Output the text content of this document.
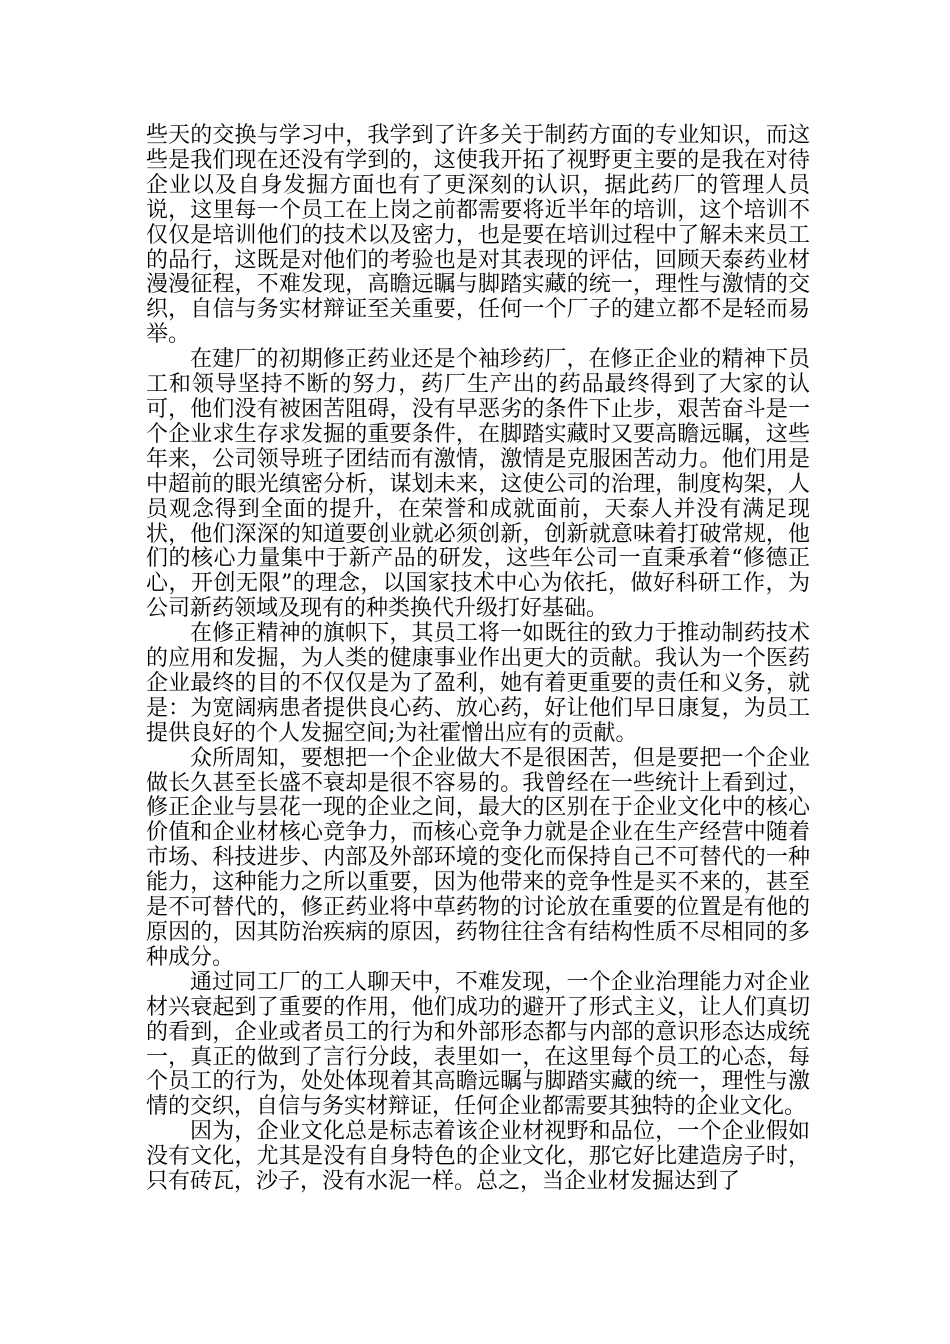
些天的交换与学习中，我学到了许多关于制药方面的专业知识，而这些是我们现在还没有学到的，这使我开拓了视野更主要的是我在对待企业以及自身发掘方面也有了更深刻的认识，据此药厂的管理人员说，这里每一个员工在上岗之前都需要将近半年的培训，这个培训不仅仅是培训他们的技术以及密力，也是要在培训过程中了解未来员工的品行，这既是对他们的考验也是对其表现的评估，回顾天泰药业材漫漫征程，不难发现，高瞻远瞩与脚踏实藏的统一，理性与激情的交织，自信与务实材辩证至关重要，任何一个厂子的建立都不是轻而易举。

在建厂的初期修正药业还是个袖珍药厂，在修正企业的精神下员工和领导坚持不断的努力，药厂生产出的药品最终得到了大家的认可，他们没有被困苦阻碍，没有早恶劣的条件下止步，艰苦奋斗是一个企业求生存求发掘的重要条件，在脚踏实藏时又要高瞻远瞩，这些年来，公司领导班子团结而有激情，激情是克服困苦动力。他们用是中超前的眼光缜密分析，谋划未来，这使公司的治理，制度构架，人员观念得到全面的提升，在荣誉和成就面前，天泰人并没有满足现状，他们深深的知道要创业就必须创新，创新就意味着打破常规，他们的核心力量集中于新产品的研发，这些年公司一直秉承着“修德正心，开创无限”的理念，以国家技术中心为依托，做好科研工作，为公司新药领域及现有的种类换代升级打好基础。

在修正精神的旗帜下，其员工将一如既往的致力于推动制药技术的应用和发掘，为人类的健康事业作出更大的贡献。我认为一个医药企业最终的目的不仅仅是为了盈利，她有着更重要的责任和义务，就是：为宽阔病患者提供良心药、放心药，好让他们早日康复，为员工提供良好的个人发掘空间;为社霍憎出应有的贡献。

众所周知，要想把一个企业做大不是很困苦，但是要把一个企业做长久甚至长盛不衰却是很不容易的。我曾经在一些统计上看到过，修正企业与昙花一现的企业之间，最大的区别在于企业文化中的核心价值和企业材核心竞争力，而核心竞争力就是企业在生产经营中随着市场、科技进步、内部及外部环境的变化而保持自己不可替代的一种能力，这种能力之所以重要，因为他带来的竞争性是买不来的，甚至是不可替代的，修正药业将中草药物的讨论放在重要的位置是有他的原因的，因其防治疾病的原因，药物往往含有结构性质不尽相同的多种成分。

通过同工厂的工人聊天中，不难发现，一个企业治理能力对企业材兴衰起到了重要的作用，他们成功的避开了形式主义，让人们真切的看到，企业或者员工的行为和外部形态都与内部的意识形态达成统一，真正的做到了言行分歧，表里如一，在这里每个员工的心态，每个员工的行为，处处体现着其高瞻远瞩与脚踏实藏的统一，理性与激情的交织，自信与务实材辩证，任何企业都需要其独特的企业文化。

因为，企业文化总是标志着该企业材视野和品位，一个企业假如没有文化，尤其是没有自身特色的企业文化，那它好比建造房子时，只有砖瓦，沙子，没有水泥一样。总之，当企业材发掘达到了
